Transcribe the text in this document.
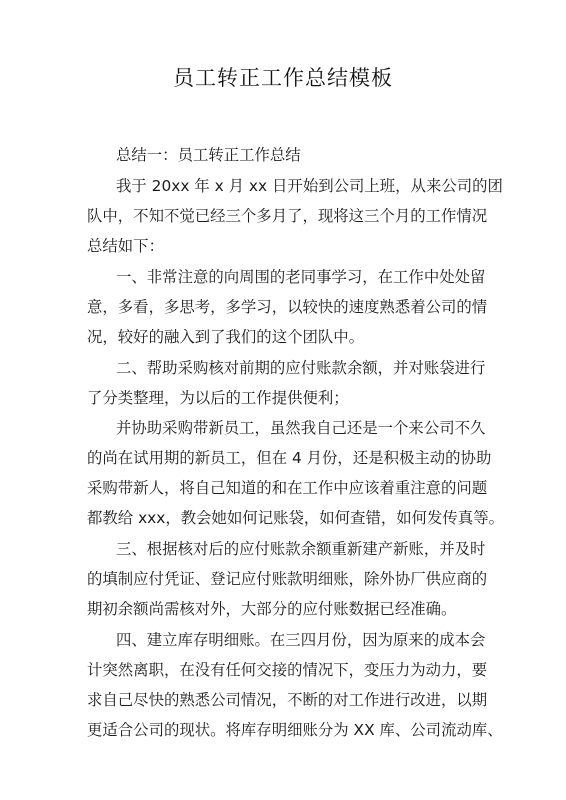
员工转正工作总结模板
总结一：员工转正工作总结
我于 20xx 年 x 月 xx 日开始到公司上班，从来公司的团
队中，不知不觉已经三个多月了，现将这三个月的工作情况
总结如下：
一、非常注意的向周围的老同事学习，在工作中处处留
意，多看，多思考，多学习，以较快的速度熟悉着公司的情
况，较好的融入到了我们的这个团队中。
二、帮助采购核对前期的应付账款余额，并对账袋进行
了分类整理，为以后的工作提供便利；
并协助采购带新员工，虽然我自己还是一个来公司不久
的尚在试用期的新员工，但在 4 月份，还是积极主动的协助
采购带新人，将自己知道的和在工作中应该着重注意的问题
都教给 xxx，教会她如何记账袋，如何查错，如何发传真等。
三、根据核对后的应付账款余额重新建产新账，并及时
的填制应付凭证、登记应付账款明细账，除外协厂供应商的
期初余额尚需核对外，大部分的应付账数据已经准确。
四、建立库存明细账。在三四月份，因为原来的成本会
计突然离职，在没有任何交接的情况下，变压力为动力，要
求自己尽快的熟悉公司情况，不断的对工作进行改进，以期
更适合公司的现状。将库存明细账分为 XX 库、公司流动库、
